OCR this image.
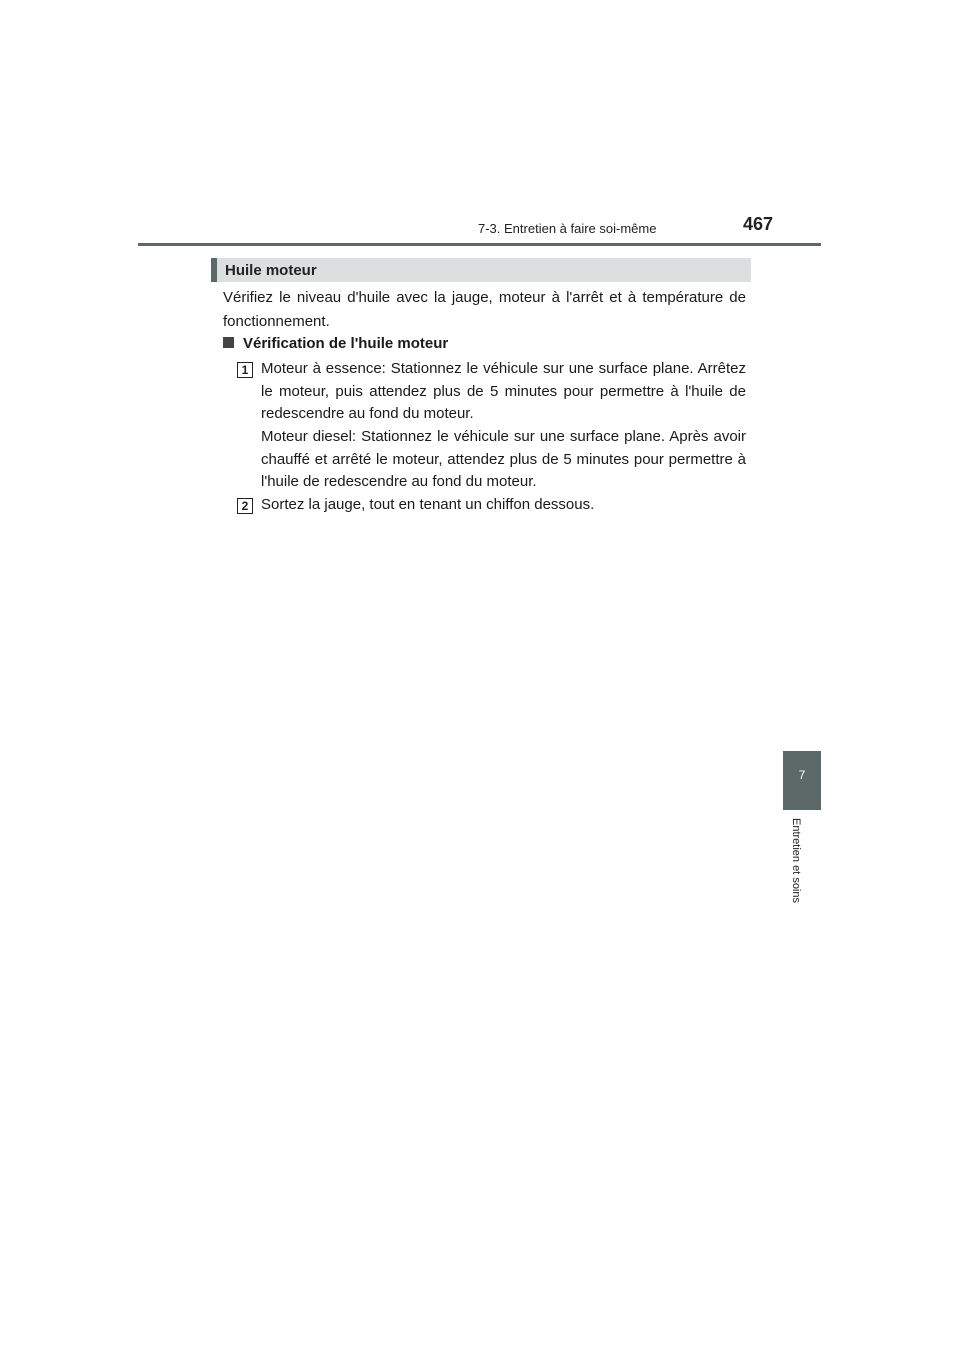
7-3. Entretien à faire soi-même	467
7
Entretien et soins
Huile moteur
Vérifiez le niveau d'huile avec la jauge, moteur à l'arrêt et à température de fonctionnement.
Vérification de l'huile moteur
1 Moteur à essence: Stationnez le véhicule sur une surface plane. Arrêtez le moteur, puis attendez plus de 5 minutes pour permettre à l'huile de redescendre au fond du moteur.
Moteur diesel: Stationnez le véhicule sur une surface plane. Après avoir chauffé et arrêté le moteur, attendez plus de 5 minutes pour permettre à l'huile de redescendre au fond du moteur.
2 Sortez la jauge, tout en tenant un chiffon dessous.
